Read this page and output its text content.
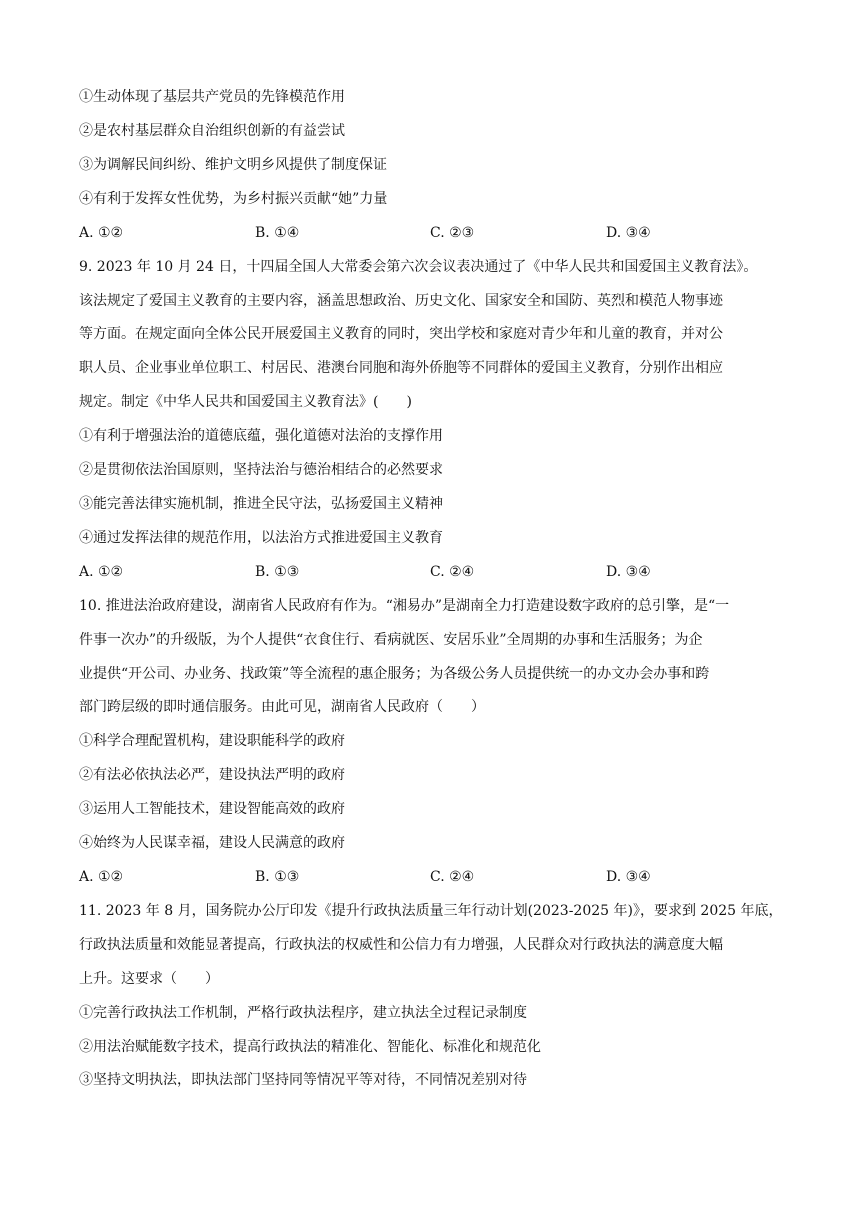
①生动体现了基层共产党员的先锋模范作用
②是农村基层群众自治组织创新的有益尝试
③为调解民间纠纷、维护文明乡风提供了制度保证
④有利于发挥女性优势，为乡村振兴贡献“她”力量
A. ①②	B. ①④	C. ②③	D. ③④
9. 2023 年 10 月 24 日，十四届全国人大常委会第六次会议表决通过了《中华人民共和国爱国主义教育法》。
该法规定了爱国主义教育的主要内容，涵盖思想政治、历史文化、国家安全和国防、英烈和模范人物事迹
等方面。在规定面向全体公民开展爱国主义教育的同时，突出学校和家庭对青少年和儿童的教育，并对公
职人员、企业事业单位职工、村居民、港澳台同胞和海外侨胞等不同群体的爱国主义教育，分别作出相应
规定。制定《中华人民共和国爱国主义教育法》(　　)
①有利于增强法治的道德底蕴，强化道德对法治的支撑作用
②是贯彻依法治国原则，坚持法治与德治相结合的必然要求
③能完善法律实施机制，推进全民守法，弘扬爱国主义精神
④通过发挥法律的规范作用，以法治方式推进爱国主义教育
A. ①②	B. ①③	C. ②④	D. ③④
10. 推进法治政府建设，湖南省人民政府有作为。“湘易办”是湖南全力打造建设数字政府的总引擎，是“一
件事一次办”的升级版，为个人提供“衣食住行、看病就医、安居乐业”全周期的办事和生活服务；为企
业提供“开公司、办业务、找政策”等全流程的惠企服务；为各级公务人员提供统一的办文办会办事和跨
部门跨层级的即时通信服务。由此可见，湖南省人民政府（　　）
①科学合理配置机构，建设职能科学的政府
②有法必依执法必严，建设执法严明的政府
③运用人工智能技术，建设智能高效的政府
④始终为人民谋幸福，建设人民满意的政府
A. ①②	B. ①③	C. ②④	D. ③④
11. 2023 年 8 月，国务院办公厅印发《提升行政执法质量三年行动计划(2023-2025 年)》，要求到 2025 年底，
行政执法质量和效能显著提高，行政执法的权威性和公信力有力增强，人民群众对行政执法的满意度大幅
上升。这要求（　　）
①完善行政执法工作机制，严格行政执法程序，建立执法全过程记录制度
②用法治赋能数字技术，提高行政执法的精准化、智能化、标准化和规范化
③坚持文明执法，即执法部门坚持同等情况平等对待，不同情况差别对待
